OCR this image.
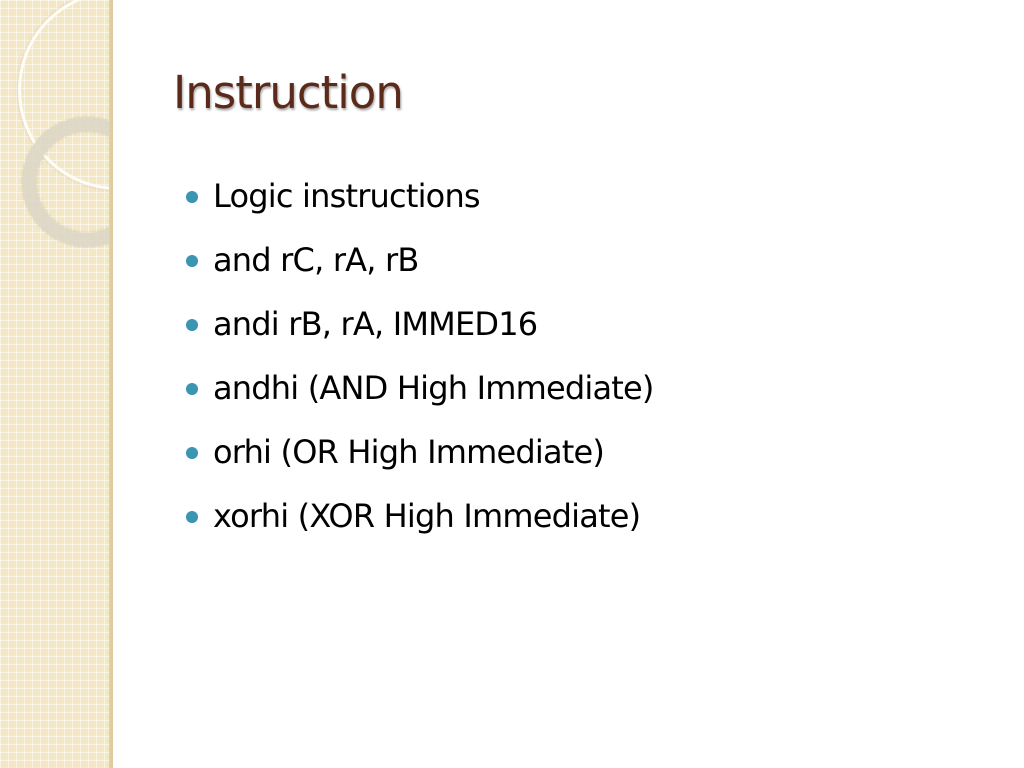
Instruction
Logic instructions
and rC, rA, rB
andi rB, rA, IMMED16
andhi (AND High Immediate)
orhi (OR High Immediate)
xorhi (XOR High Immediate)
